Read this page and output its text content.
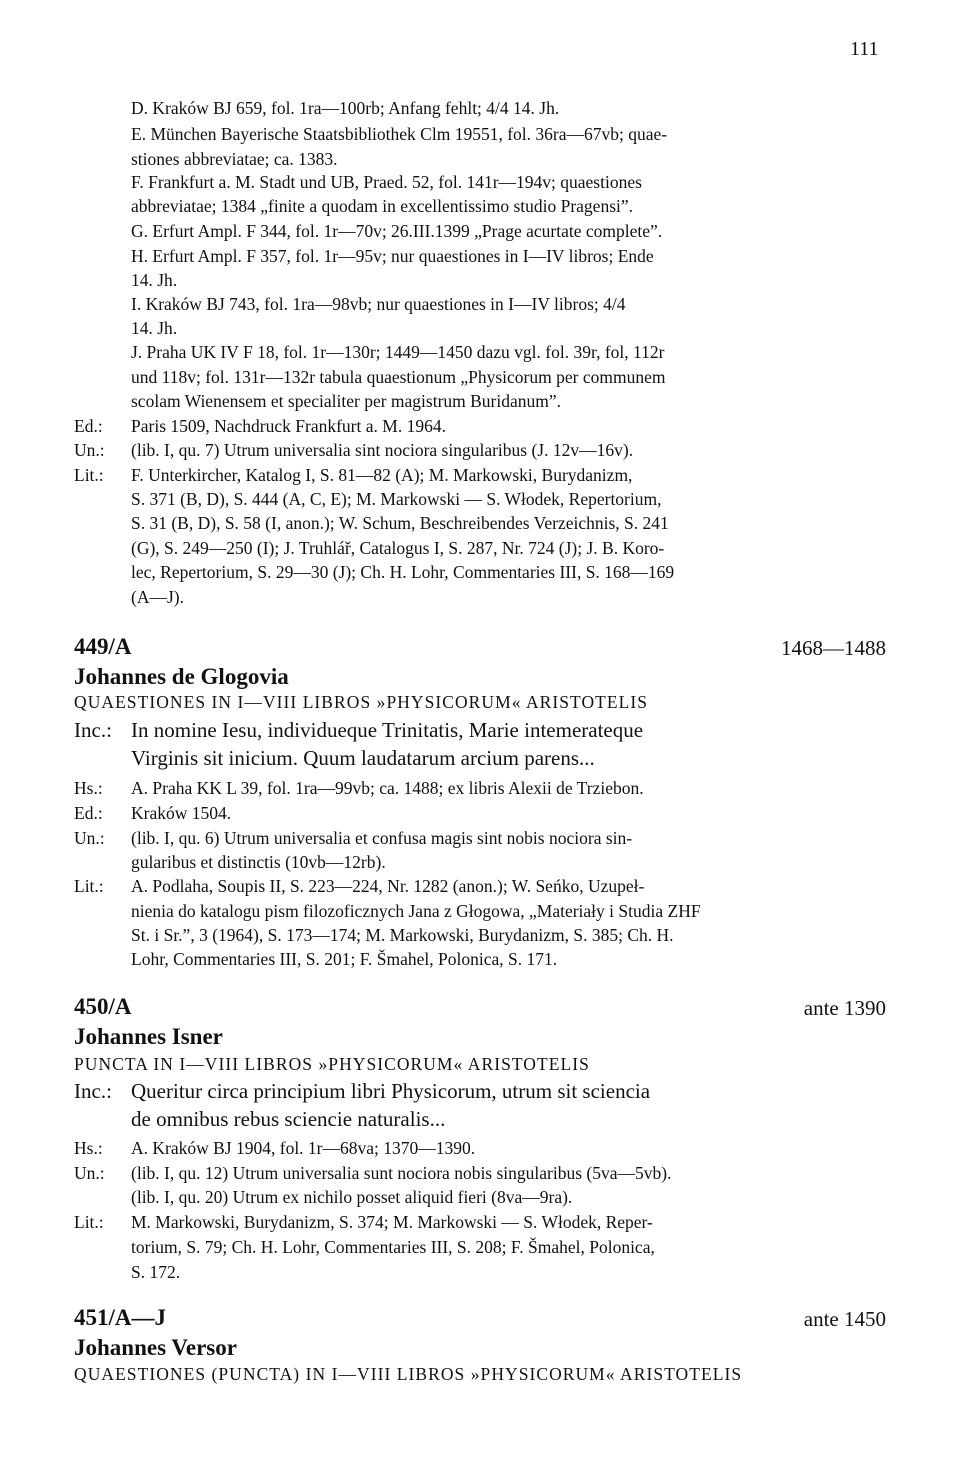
111
D. Kraków BJ 659, fol. 1ra—100rb; Anfang fehlt; 4/4 14. Jh.
E. München Bayerische Staatsbibliothek Clm 19551, fol. 36ra—67vb; quae-
stiones abbreviatae; ca. 1383.
F. Frankfurt a. M. Stadt und UB, Praed. 52, fol. 141r—194v; quaestiones
abbreviatae; 1384 „finite a quodam in excellentissimo studio Pragensi”.
G. Erfurt Ampl. F 344, fol. 1r—70v; 26.III.1399 „Prage acurtate complete”.
H. Erfurt Ampl. F 357, fol. 1r—95v; nur quaestiones in I—IV libros; Ende
14. Jh.
I. Kraków BJ 743, fol. 1ra—98vb; nur quaestiones in I—IV libros; 4/4
14. Jh.
J. Praha UK IV F 18, fol. 1r—130r; 1449—1450 dazu vgl. fol. 39r, fol, 112r
und 118v; fol. 131r—132r tabula quaestionum „Physicorum per communem
scolam Wienensem et specialiter per magistrum Buridanum”.
Ed.: Paris 1509, Nachdruck Frankfurt a. M. 1964.
Un.: (lib. I, qu. 7) Utrum universalia sint nociora singularibus (J. 12v—16v).
Lit.: F. Unterkircher, Katalog I, S. 81—82 (A); M. Markowski, Burydanizm,
S. 371 (B, D), S. 444 (A, C, E); M. Markowski — S. Włodek, Repertorium,
S. 31 (B, D), S. 58 (I, anon.); W. Schum, Beschreibendes Verzeichnis, S. 241
(G), S. 249—250 (I); J. Truhlář, Catalogus I, S. 287, Nr. 724 (J); J. B. Koro-
lec, Repertorium, S. 29—30 (J); Ch. H. Lohr, Commentaries III, S. 168—169
(A—J).
449/A	1468—1488
Johannes de Glogovia
QUAESTIONES IN I—VIII LIBROS »PHYSICORUM« ARISTOTELIS
Inc.: In nomine Iesu, individueque Trinitatis, Marie intemerateque
Virginis sit inicium. Quum laudatarum arcium parens...
Hs.: A. Praha KK L 39, fol. 1ra—99vb; ca. 1488; ex libris Alexii de Trziebon.
Ed.: Kraków 1504.
Un.: (lib. I, qu. 6) Utrum universalia et confusa magis sint nobis nociora sin-
gularibus et distinctis (10vb—12rb).
Lit.: A. Podlaha, Soupis II, S. 223—224, Nr. 1282 (anon.); W. Seńko, Uzupeł-
nienia do katalogu pism filozoficznych Jana z Głogowa, „Materiały i Studia ZHF
St. i Sr.”, 3 (1964), S. 173—174; M. Markowski, Burydanizm, S. 385; Ch. H.
Lohr, Commentaries III, S. 201; F. Šmahel, Polonica, S. 171.
450/A	ante 1390
Johannes Isner
PUNCTA IN I—VIII LIBROS »PHYSICORUM« ARISTOTELIS
Inc.: Queritur circa principium libri Physicorum, utrum sit sciencia
de omnibus rebus sciencie naturalis...
Hs.: A. Kraków BJ 1904, fol. 1r—68va; 1370—1390.
Un.: (lib. I, qu. 12) Utrum universalia sunt nociora nobis singularibus (5va—5vb).
(lib. I, qu. 20) Utrum ex nichilo posset aliquid fieri (8va—9ra).
Lit.: M. Markowski, Burydanizm, S. 374; M. Markowski — S. Włodek, Reper-
torium, S. 79; Ch. H. Lohr, Commentaries III, S. 208; F. Šmahel, Polonica,
S. 172.
451/A—J	ante 1450
Johannes Versor
QUAESTIONES (PUNCTA) IN I—VIII LIBROS »PHYSICORUM« ARISTOTELIS
